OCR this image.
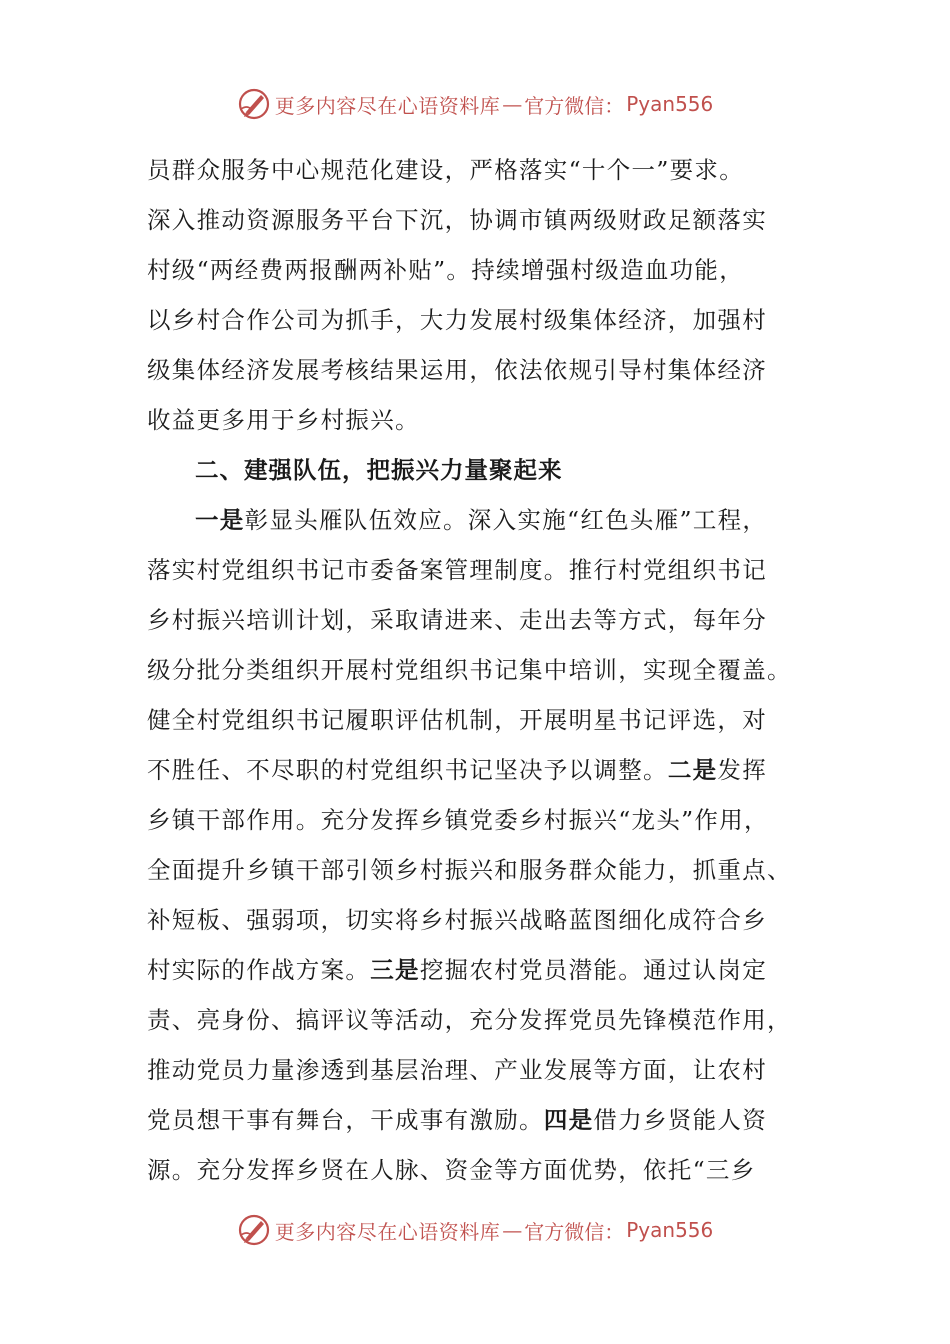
更多内容尽在心语资料库 — 官方微信： Pyan556
员群众服务中心规范化建设，严格落实“十个一”要求。
深入推动资源服务平台下沉，协调市镇两级财政足额落实
村级“两经费两报酬两补贴”。持续增强村级造血功能，
以乡村合作公司为抓手，大力发展村级集体经济，加强村
级集体经济发展考核结果运用，依法依规引导村集体经济
收益更多用于乡村振兴。
二、建强队伍，把振兴力量聚起来
一是彰显头雁队伍效应。深入实施“红色头雁”工程，
落实村党组织书记市委备案管理制度。推行村党组织书记
乡村振兴培训计划，采取请进来、走出去等方式，每年分
级分批分类组织开展村党组织书记集中培训，实现全覆盖。
健全村党组织书记履职评估机制，开展明星书记评选，对
不胜任、不尽职的村党组织书记坚决予以调整。二是发挥
乡镇干部作用。充分发挥乡镇党委乡村振兴“龙头”作用，
全面提升乡镇干部引领乡村振兴和服务群众能力，抓重点、
补短板、强弱项，切实将乡村振兴战略蓝图细化成符合乡
村实际的作战方案。三是挖掘农村党员潜能。通过认岗定
责、亮身份、搞评议等活动，充分发挥党员先锋模范作用，
推动党员力量渗透到基层治理、产业发展等方面，让农村
党员想干事有舞台，干成事有激励。四是借力乡贤能人资
源。充分发挥乡贤在人脉、资金等方面优势，依托“三乡
更多内容尽在心语资料库 — 官方微信： Pyan556
